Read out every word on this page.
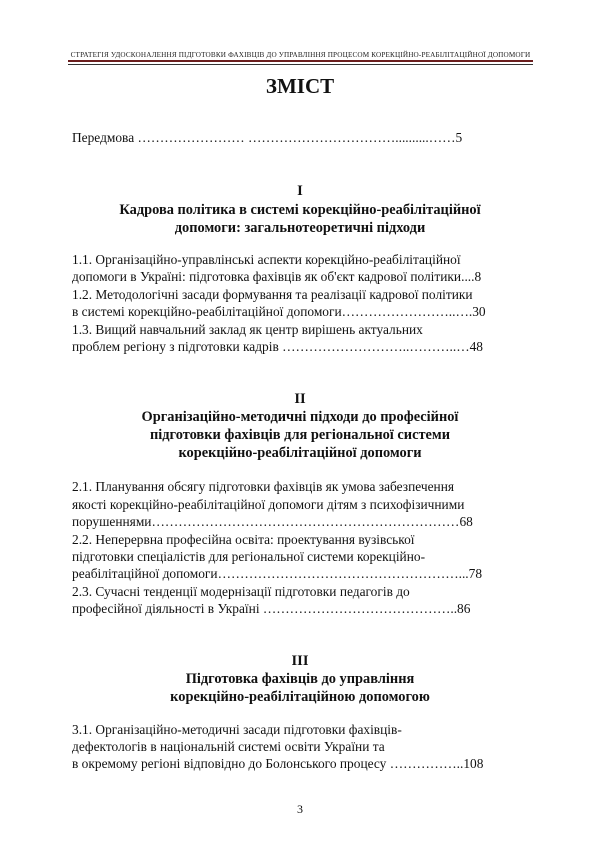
СТРАТЕГІЯ УДОСКОНАЛЕННЯ ПІДГОТОВКИ ФАХІВЦІВ ДО УПРАВЛІННЯ ПРОЦЕСОМ КОРЕКЦІЙНО-РЕАБІЛІТАЦІЙНОЇ ДОПОМОГИ
ЗМІСТ
Передмова …………………… ……………………………..........……5
I
Кадрова політика в системі корекційно-реабілітаційної
допомоги: загальнотеоретичні підходи
1.1. Організаційно-управлінські аспекти корекційно-реабілітаційної
допомоги в Україні: підготовка фахівців як об'єкт кадрової політики....8
1.2. Методологічні засади формування та реалізації кадрової політики
в системі корекційно-реабілітаційної допомоги……………………..….30
1.3. Вищий навчальний заклад як центр вирішень актуальних
проблем регіону з підготовки кадрів ………………………..………..…48
II
Організаційно-методичні підходи до професійної
підготовки фахівців для регіональної системи
корекційно-реабілітаційної допомоги
2.1. Планування обсягу підготовки фахівців як умова забезпечення
якості корекційно-реабілітаційної допомоги дітям з психофізичними
порушеннями……………………………………………………………68
2.2. Неперервна професійна освіта: проектування вузівської
підготовки спеціалістів для регіональної системи корекційно-
реабілітаційної допомоги………………………………………………...78
2.3. Сучасні тенденції модернізації підготовки педагогів до
професійної діяльності в Україні ……………………………………..86
III
Підготовка фахівців до управління
корекційно-реабілітаційною допомогою
3.1. Організаційно-методичні засади підготовки фахівців-
дефектологів в національній системі освіти України та
в окремому регіоні відповідно до Болонського процесу ……………..108
3
